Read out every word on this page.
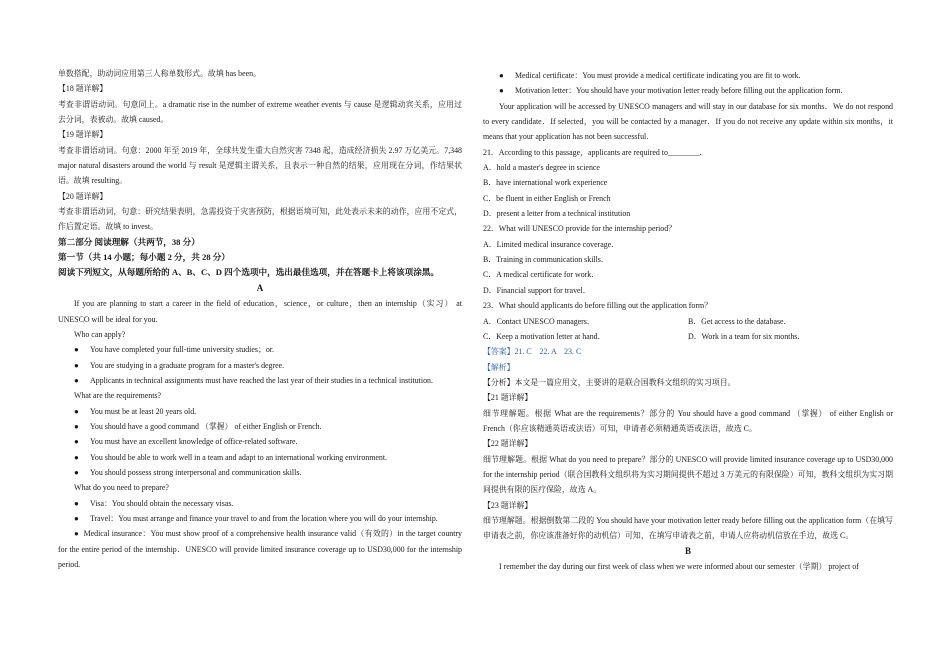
单数搭配，助动词应用第三人称单数形式。故填 has been。
【18 题详解】
考查非谓语动词。句意同上。a dramatic rise in the number of extreme weather events 与 cause 是逻辑动宾关系，应用过去分词，表被动。故填 caused。
【19 题详解】
考查非谓语动词。句意：2000 年至 2019 年，全球共发生重大自然灾害 7348 起，造成经济损失 2.97 万亿美元。7,348 major natural disasters around the world 与 result 是逻辑主谓关系，且表示一种自然的结果，应用现在分词，作结果状语。故填 resulting。
【20 题详解】
考查非谓语动词，句意：研究结果表明，急需投资于灾害预防，根据语境可知，此处表示未来的动作，应用不定式，作后置定语。故填 to invest。
第二部分 阅读理解（共两节，38 分）
第一节（共 14 小题；每小题 2 分，共 28 分）
阅读下列短文，从每题所给的 A、B、C、D 四个选项中，选出最佳选项，并在答题卡上将该项涂黑。
A
If you are planning to start a career in the field of education，science，or culture，then an internship（实习） at UNESCO will be ideal for you.
Who can apply?
● You have completed your full-time university studies；or.
● You are studying in a graduate program for a master's degree.
● Applicants in technical assignments must have reached the last year of their studies in a technical institution.
What are the requirements?
● You must be at least 20 years old.
● You should have a good command （掌握） of either English or French.
● You must have an excellent knowledge of office-related software.
● You should be able to work well in a team and adapt to an international working environment.
● You should possess strong interpersonal and communication skills.
What do you need to prepare?
● Visa：You should obtain the necessary visas.
● Travel：You must arrange and finance your travel to and from the location where you will do your internship.
●  Medical insurance：You must show proof of a comprehensive health insurance valid（有效的）in the target country for the entire period of the internship．UNESCO will provide limited insurance coverage up to USD30,000 for the internship period.
● Medical certificate：You must provide a medical certificate indicating you are fit to work.
● Motivation letter：You should have your motivation letter ready before filling out the application form.
Your application will be accessed by UNESCO managers and will stay in our database for six months．We do not respond to every candidate．If selected，you will be contacted by a manager．If you do not receive any update within six months，it means that your application has not been successful.
21．According to this passage，applicants are required to________．
A．hold a master's degree in science
B．have international work experience
C．be fluent in either English or French
D．present a letter from a technical institution
22．What will UNESCO provide for the internship period？
A．Limited medical insurance coverage．
B．Training in communication skills．
C．A medical certificate for work．
D．Financial support for travel．
23．What should applicants do before filling out the application form？
A．Contact UNESCO managers．	B．Get access to the database．
C．Keep a motivation letter at hand．	D．Work in a team for six months．
【答案】21. C　22. A　23. C
【解析】
【分析】本文是一篇应用文，主要讲的是联合国教科文组织的实习项目。
【21 题详解】
细节理解题。根据 What are the requirements？部分的 You should have a good command （掌握） of either English or French（你应该精通英语或法语）可知，申请者必须精通英语或法语，故选 C。
【22 题详解】
细节理解题。根据 What do you need to prepare？部分的 UNESCO will provide limited insurance coverage up to USD30,000 for the internship period（联合国教科文组织将为实习期间提供不超过 3 万美元的有限保险）可知，教科文组织为实习期间提供有限的医疗保险，故选 A。
【23 题详解】
细节理解题。根据倒数第二段的 You should have your motivation letter ready before filling out the application form（在填写申请表之前，你应该准备好你的动机信）可知，在填写申请表之前，申请人应将动机信放在手边，故选 C。
B
I remember the day during our first week of class when we were informed about our semester（学期） project of
